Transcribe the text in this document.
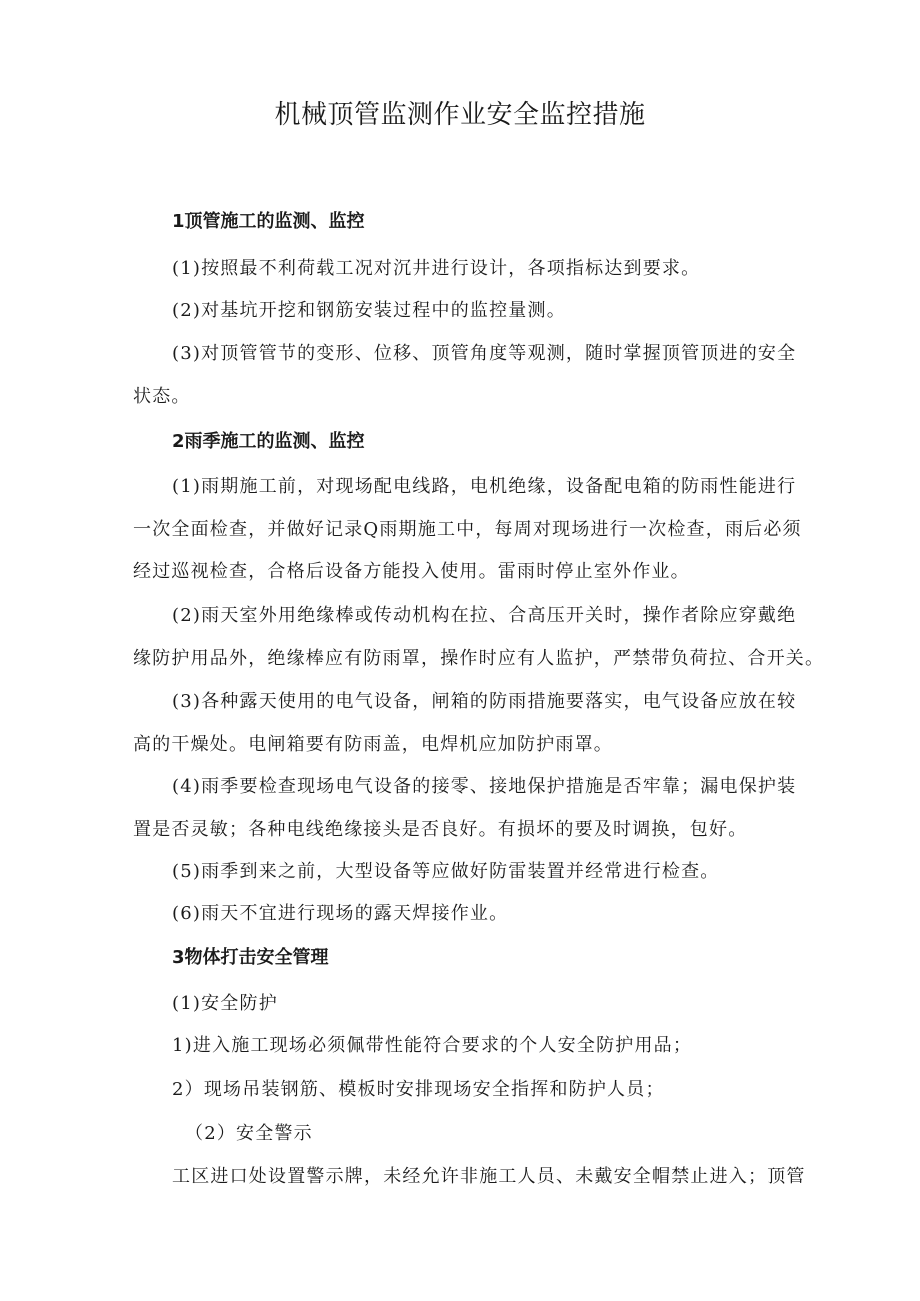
机械顶管监测作业安全监控措施
1顶管施工的监测、监控
(1)按照最不利荷载工况对沉井进行设计，各项指标达到要求。
(2)对基坑开挖和钢筋安装过程中的监控量测。
(3)对顶管管节的变形、位移、顶管角度等观测，随时掌握顶管顶进的安全
状态。
2雨季施工的监测、监控
(1)雨期施工前，对现场配电线路，电机绝缘，设备配电箱的防雨性能进行
一次全面检查，并做好记录Q雨期施工中，每周对现场进行一次检查，雨后必须
经过巡视检查，合格后设备方能投入使用。雷雨时停止室外作业。
(2)雨天室外用绝缘棒或传动机构在拉、合高压开关时，操作者除应穿戴绝
缘防护用品外，绝缘棒应有防雨罩，操作时应有人监护，严禁带负荷拉、合开关。
(3)各种露天使用的电气设备，闸箱的防雨措施要落实，电气设备应放在较
高的干燥处。电闸箱要有防雨盖，电焊机应加防护雨罩。
(4)雨季要检查现场电气设备的接零、接地保护措施是否牢靠；漏电保护装
置是否灵敏；各种电线绝缘接头是否良好。有损坏的要及时调换，包好。
(5)雨季到来之前，大型设备等应做好防雷装置并经常进行检查。
(6)雨天不宜进行现场的露天焊接作业。
3物体打击安全管理
(1)安全防护
1)进入施工现场必须佩带性能符合要求的个人安全防护用品；
2）现场吊装钢筋、模板时安排现场安全指挥和防护人员；
（2）安全警示
工区进口处设置警示牌，未经允许非施工人员、未戴安全帽禁止进入；顶管
